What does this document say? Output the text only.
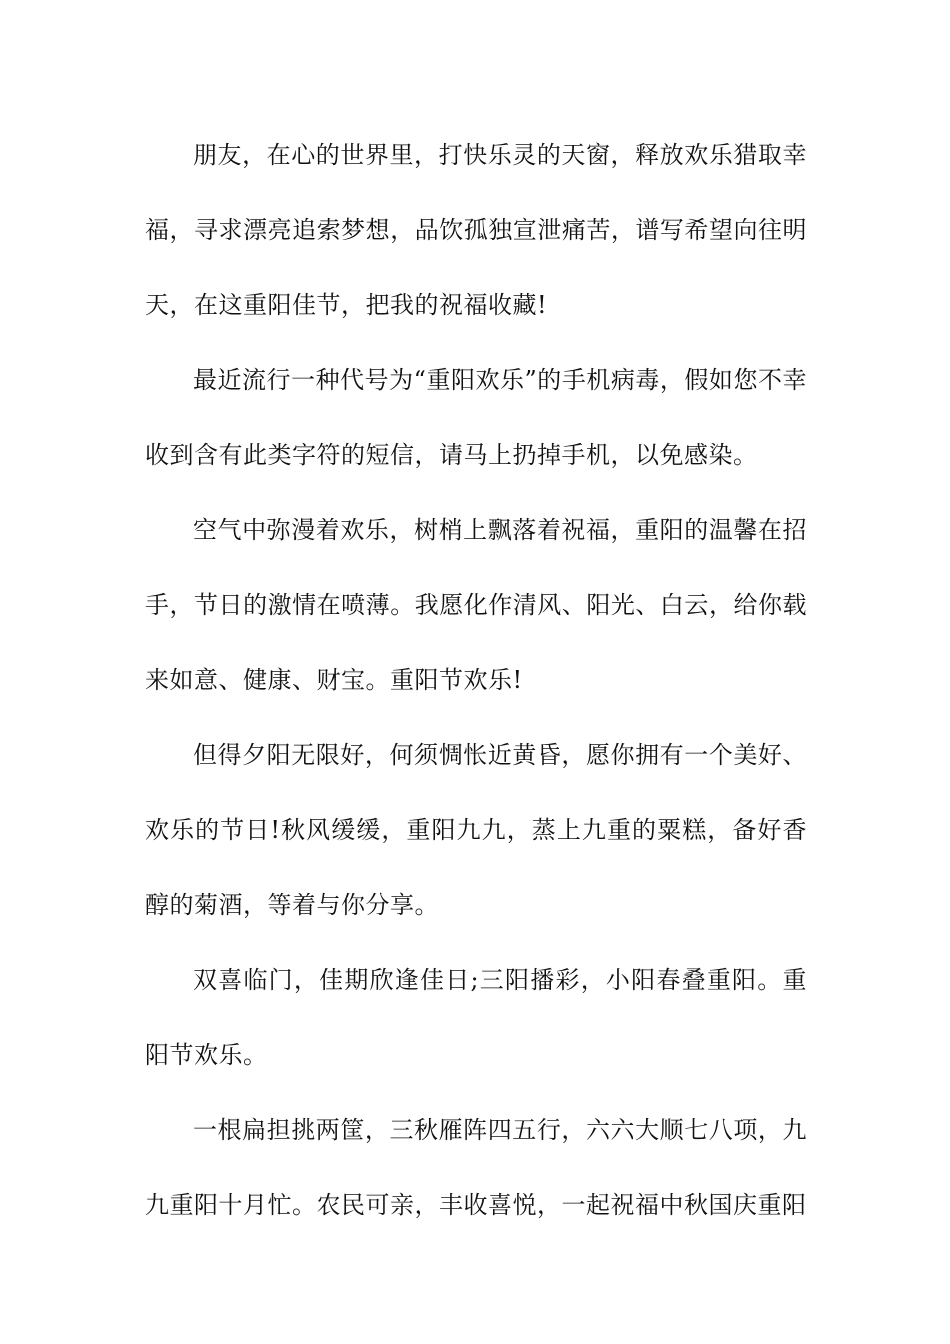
朋友，在心的世界里，打快乐灵的天窗，释放欢乐猎取幸福，寻求漂亮追索梦想，品饮孤独宣泄痛苦，谱写希望向往明天，在这重阳佳节，把我的祝福收藏!

最近流行一种代号为“重阳欢乐”的手机病毒，假如您不幸收到含有此类字符的短信，请马上扔掉手机，以免感染。

空气中弥漫着欢乐，树梢上飘落着祝福，重阳的温馨在招手，节日的激情在喷薄。我愿化作清风、阳光、白云，给你载来如意、健康、财宝。重阳节欢乐!

但得夕阳无限好，何须惆怅近黄昏，愿你拥有一个美好、欢乐的节日!秋风缓缓，重阳九九，蒸上九重的粟糕，备好香醇的菊酒，等着与你分享。

双喜临门，佳期欣逢佳日;三阳播彩，小阳春叠重阳。重阳节欢乐。

一根扁担挑两筐，三秋雁阵四五行，六六大顺七八项，九九重阳十月忙。农民可亲，丰收喜悦，一起祝福中秋国庆重阳
